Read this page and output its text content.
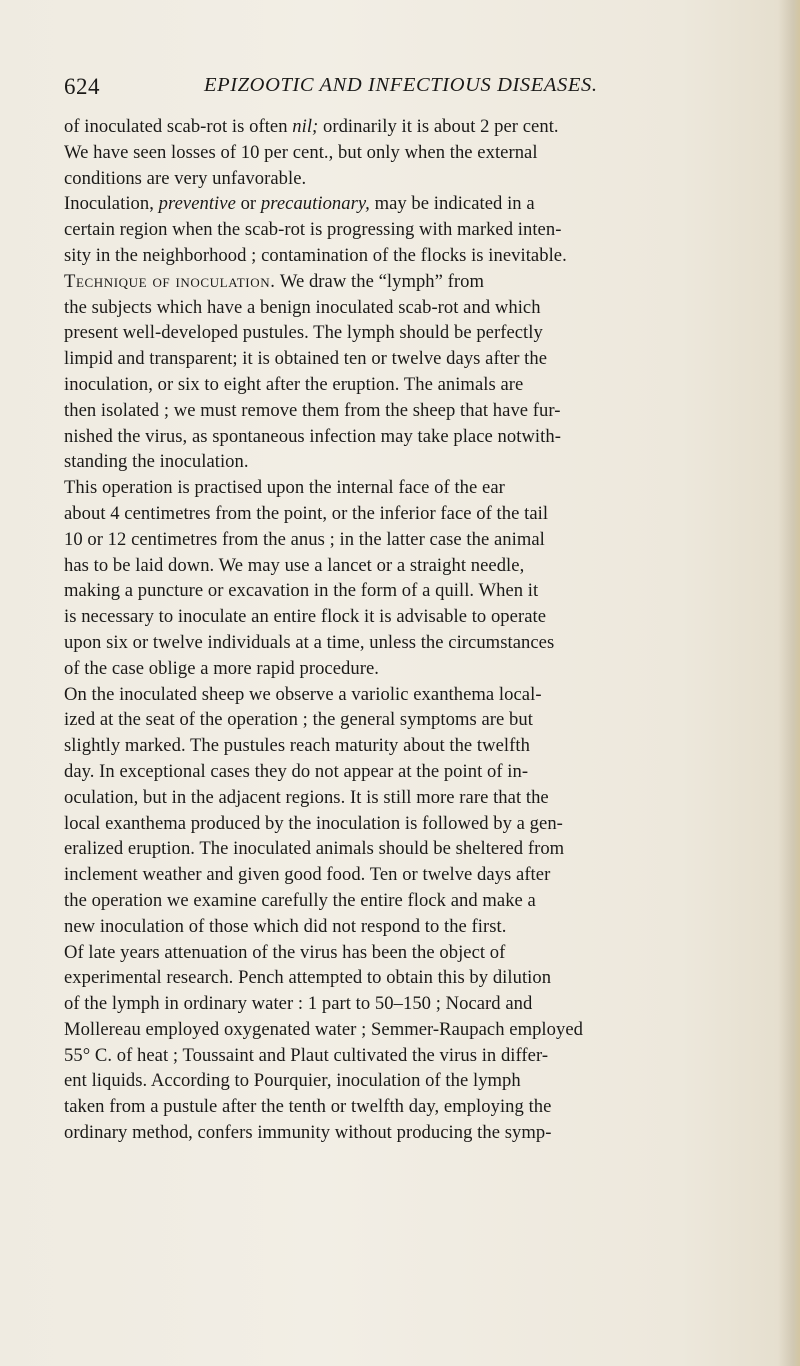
624	EPIZOOTIC AND INFECTIOUS DISEASES.
of inoculated scab-rot is often nil; ordinarily it is about 2 per cent.
We have seen losses of 10 per cent., but only when the external
conditions are very unfavorable.
Inoculation, preventive or precautionary, may be indicated in a
certain region when the scab-rot is progressing with marked inten-
sity in the neighborhood ; contamination of the flocks is inevitable.
Technique of inoculation. We draw the “lymph” from
the subjects which have a benign inoculated scab-rot and which
present well-developed pustules. The lymph should be perfectly
limpid and transparent; it is obtained ten or twelve days after the
inoculation, or six to eight after the eruption. The animals are
then isolated ; we must remove them from the sheep that have fur-
nished the virus, as spontaneous infection may take place notwith-
standing the inoculation.
This operation is practised upon the internal face of the ear
about 4 centimetres from the point, or the inferior face of the tail
10 or 12 centimetres from the anus ; in the latter case the animal
has to be laid down. We may use a lancet or a straight needle,
making a puncture or excavation in the form of a quill. When it
is necessary to inoculate an entire flock it is advisable to operate
upon six or twelve individuals at a time, unless the circumstances
of the case oblige a more rapid procedure.
On the inoculated sheep we observe a variolic exanthema local-
ized at the seat of the operation ; the general symptoms are but
slightly marked. The pustules reach maturity about the twelfth
day. In exceptional cases they do not appear at the point of in-
oculation, but in the adjacent regions. It is still more rare that the
local exanthema produced by the inoculation is followed by a gen-
eralized eruption. The inoculated animals should be sheltered from
inclement weather and given good food. Ten or twelve days after
the operation we examine carefully the entire flock and make a
new inoculation of those which did not respond to the first.
Of late years attenuation of the virus has been the object of
experimental research. Pench attempted to obtain this by dilution
of the lymph in ordinary water : 1 part to 50–150 ; Nocard and
Mollereau employed oxygenated water ; Semmer-Raupach employed
55° C. of heat ; Toussaint and Plaut cultivated the virus in differ-
ent liquids. According to Pourquier, inoculation of the lymph
taken from a pustule after the tenth or twelfth day, employing the
ordinary method, confers immunity without producing the symp-
